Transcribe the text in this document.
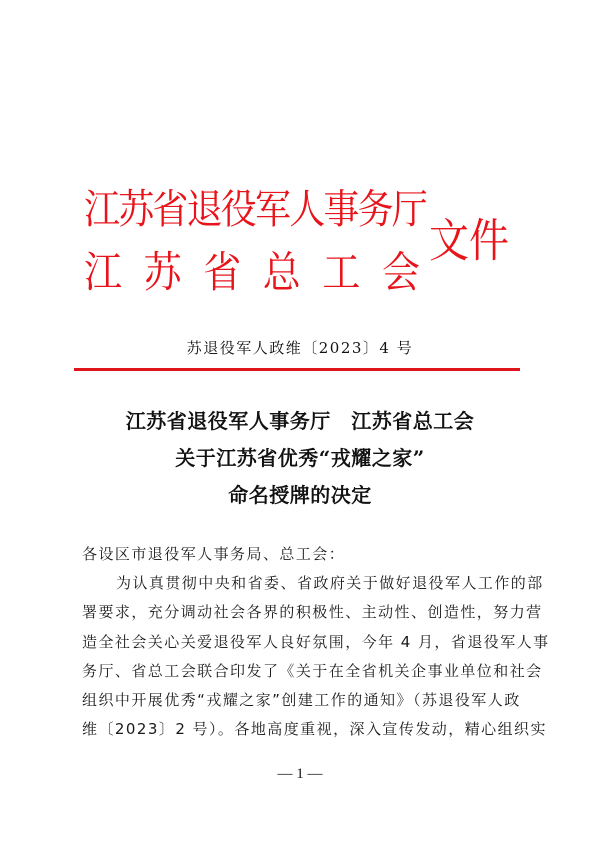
江苏省退役军人事务厅
江 苏 省 总 工 会
文件
苏退役军人政维〔2023〕4 号
江苏省退役军人事务厅　江苏省总工会
关于江苏省优秀“戎耀之家”
命名授牌的决定
各设区市退役军人事务局、总工会：
为认真贯彻中央和省委、省政府关于做好退役军人工作的部
署要求，充分调动社会各界的积极性、主动性、创造性，努力营
造全社会关心关爱退役军人良好氛围，今年 4 月，省退役军人事
务厅、省总工会联合印发了《关于在全省机关企事业单位和社会
组织中开展优秀“戎耀之家”创建工作的通知》（苏退役军人政
维〔2023〕2 号）。各地高度重视，深入宣传发动，精心组织实
— 1 —
